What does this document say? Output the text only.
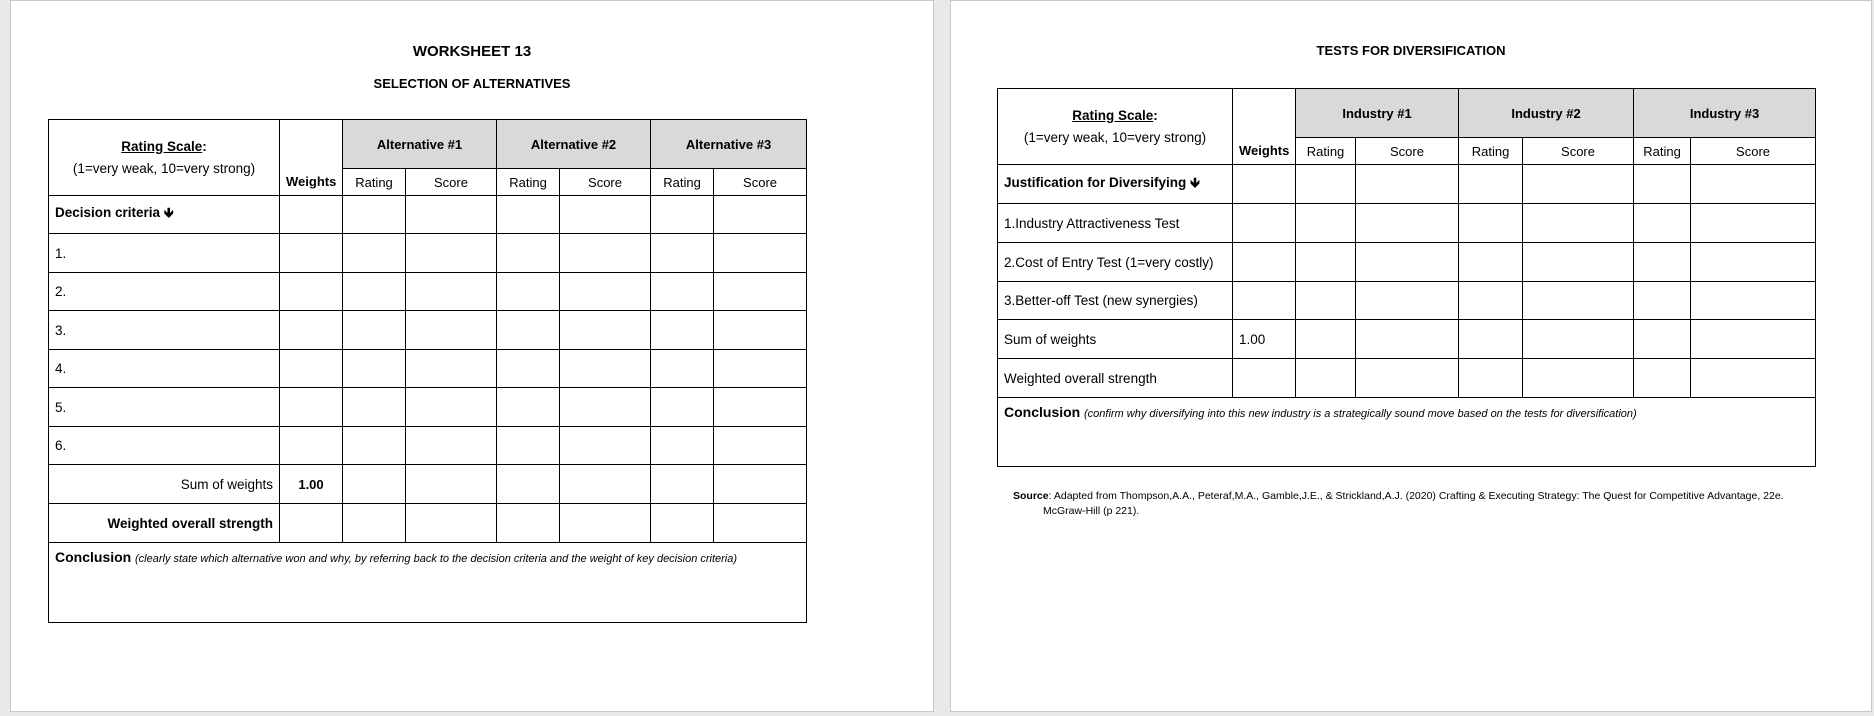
WORKSHEET 13
SELECTION OF ALTERNATIVES
Rating Scale:
(1=very weak, 10=very strong)		Alternative #1		Alternative #2		Alternative #3	
	Weights	Rating	Score	Rating	Score	Rating	Score
Decision criteria 🡻							
1.							
2.							
3.							
4.							
5.							
6.							
Sum of weights	1.00						
Weighted overall strength							
Conclusion (clearly state which alternative won and why, by referring back to the decision criteria and the weight of key decision criteria)							
TESTS FOR DIVERSIFICATION
Rating Scale:
(1=very weak, 10=very strong)		Industry #1		Industry #2		Industry #3	
	Weights	Rating	Score	Rating	Score	Rating	Score
Justification for Diversifying 🡻							
1.Industry Attractiveness Test							
2.Cost of Entry Test (1=very costly)							
3.Better-off Test (new synergies)							
Sum of weights	1.00						
Weighted overall strength							
Conclusion (confirm why diversifying into this new industry is a strategically sound move based on the tests for diversification)							
Source: Adapted from Thompson,A.A., Peteraf,M.A., Gamble,J.E., & Strickland,A.J. (2020) Crafting & Executing Strategy: The Quest for Competitive Advantage, 22e.
McGraw-Hill (p 221).
